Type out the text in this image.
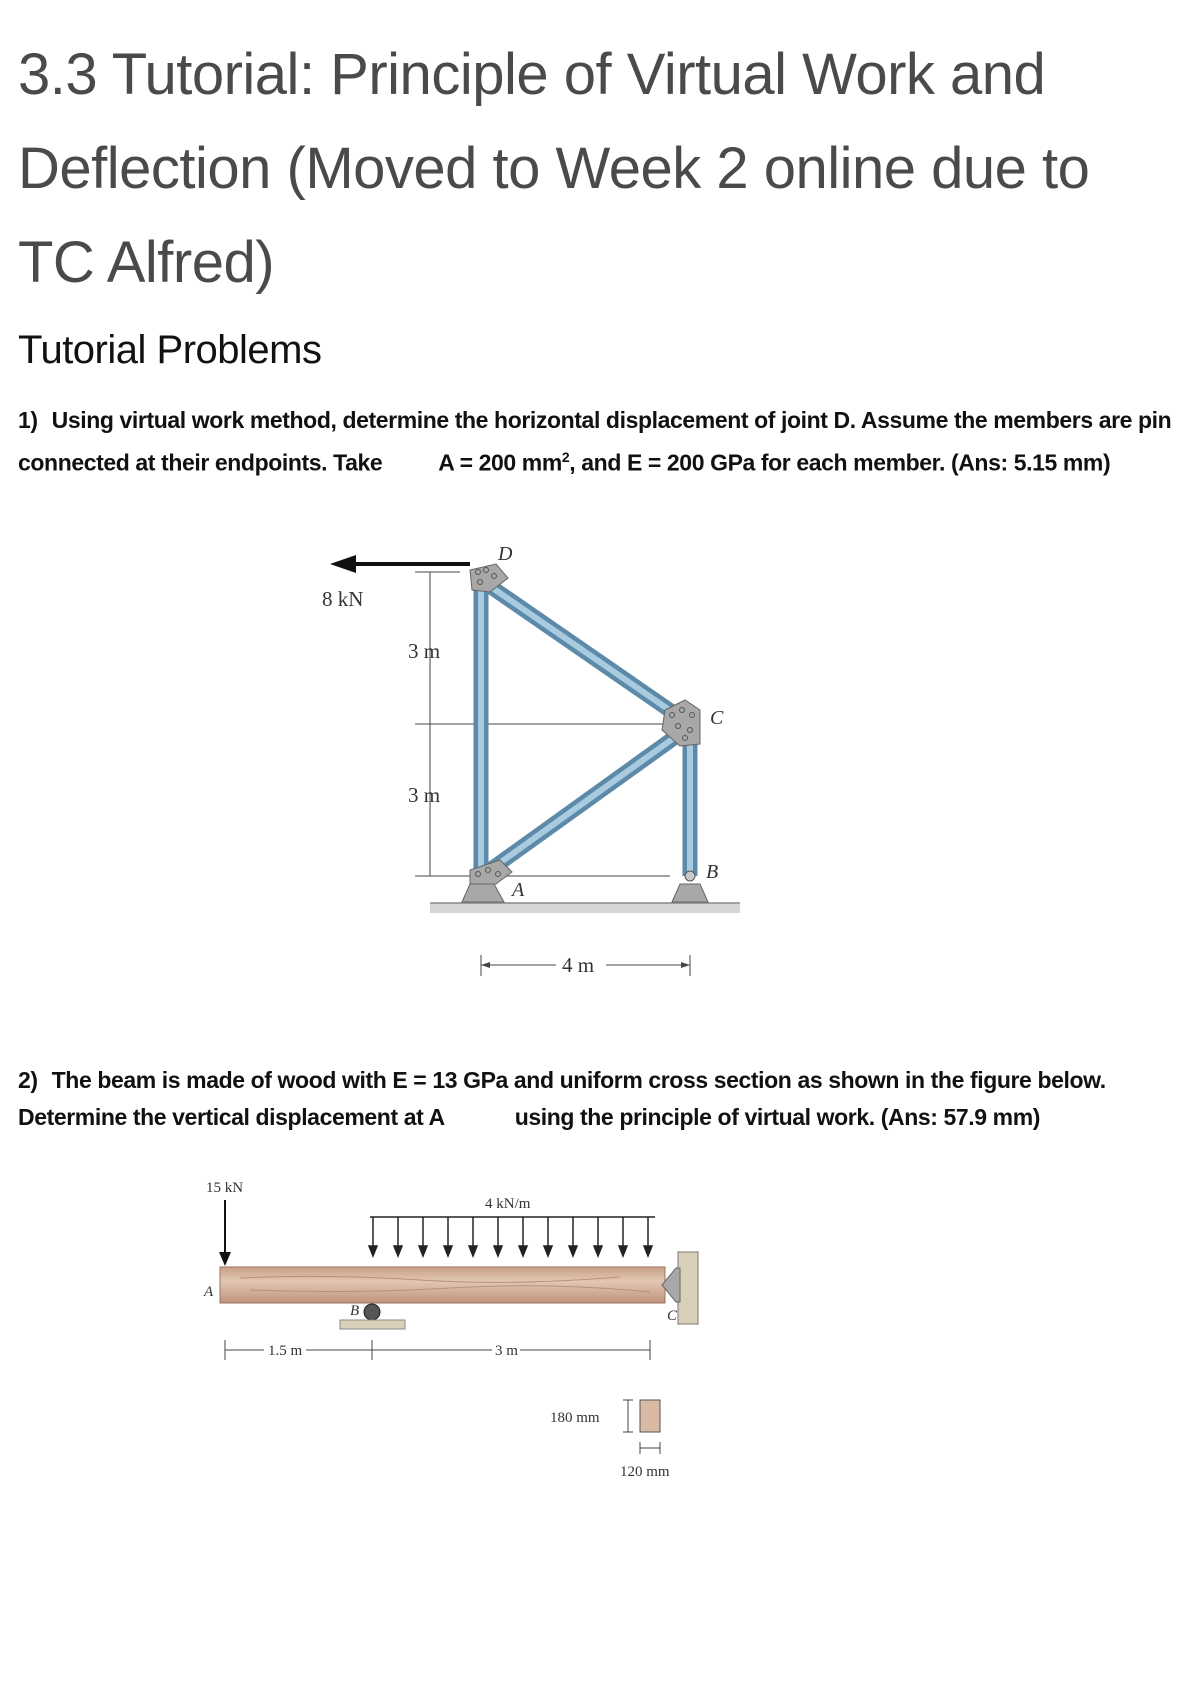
3.3 Tutorial: Principle of Virtual Work and
Deflection (Moved to Week 2 online due to
TC Alfred)
Tutorial Problems

1) Using virtual work method, determine the horizontal displacement of joint D. Assume the members are pin connected at their endpoints. Take A = 200 $mm^2$, and E = 200 GPa for each member. (Ans: 5.15 mm)

8 kN
3 m
3 m
4 m
D
C
B
A

2) The beam is made of wood with E = 13 GPa and uniform cross section as shown in the figure below. Determine the vertical displacement at A	using the principle of virtual work. (Ans: 57.9 mm)

15 kN
4 kN/m
A
B	C
1.5 m	3 m
180 mm
120 mm
